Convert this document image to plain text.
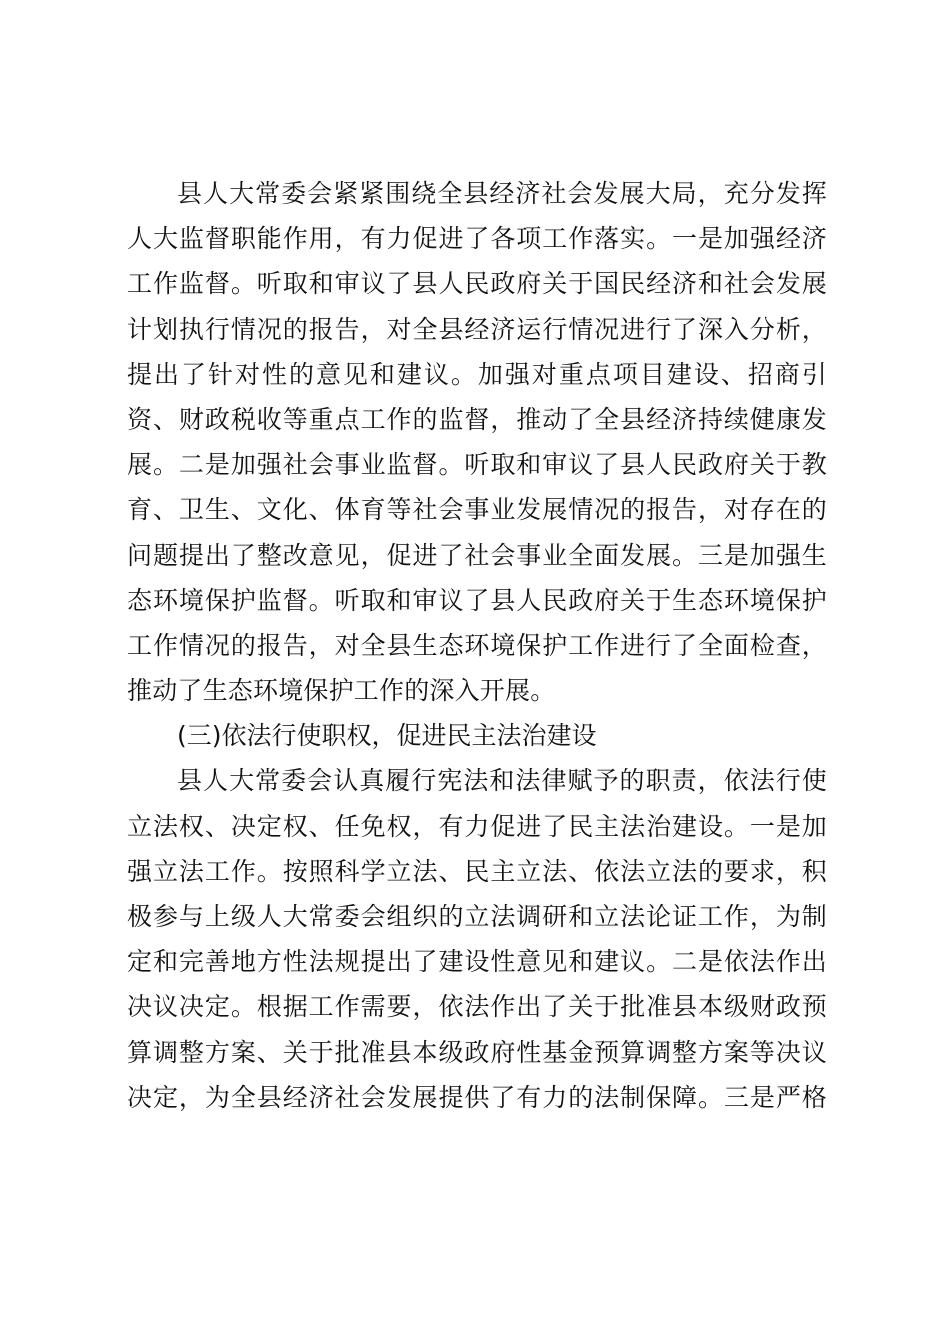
县人大常委会紧紧围绕全县经济社会发展大局，充分发挥
人大监督职能作用，有力促进了各项工作落实。一是加强经济
工作监督。听取和审议了县人民政府关于国民经济和社会发展
计划执行情况的报告，对全县经济运行情况进行了深入分析，
提出了针对性的意见和建议。加强对重点项目建设、招商引
资、财政税收等重点工作的监督，推动了全县经济持续健康发
展。二是加强社会事业监督。听取和审议了县人民政府关于教
育、卫生、文化、体育等社会事业发展情况的报告，对存在的
问题提出了整改意见，促进了社会事业全面发展。三是加强生
态环境保护监督。听取和审议了县人民政府关于生态环境保护
工作情况的报告，对全县生态环境保护工作进行了全面检查，
推动了生态环境保护工作的深入开展。
(三)依法行使职权，促进民主法治建设
县人大常委会认真履行宪法和法律赋予的职责，依法行使
立法权、决定权、任免权，有力促进了民主法治建设。一是加
强立法工作。按照科学立法、民主立法、依法立法的要求，积
极参与上级人大常委会组织的立法调研和立法论证工作，为制
定和完善地方性法规提出了建设性意见和建议。二是依法作出
决议决定。根据工作需要，依法作出了关于批准县本级财政预
算调整方案、关于批准县本级政府性基金预算调整方案等决议
决定，为全县经济社会发展提供了有力的法制保障。三是严格
